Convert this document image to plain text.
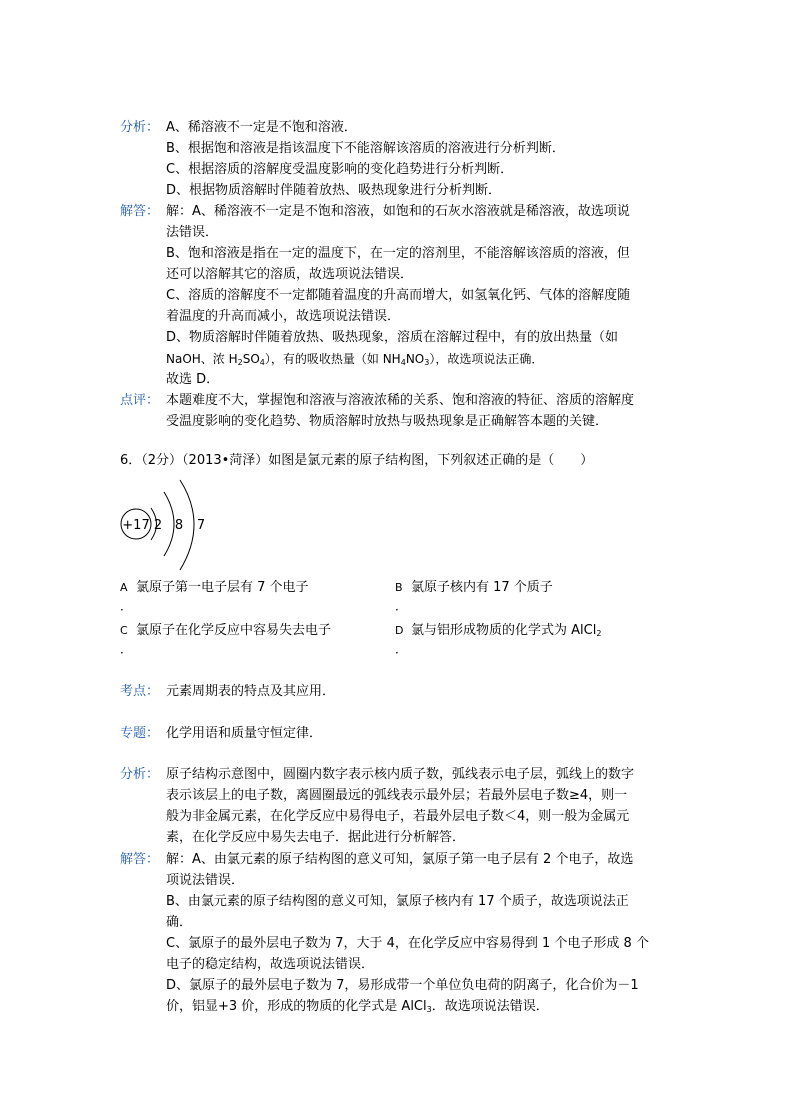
分析： A、稀溶液不一定是不饱和溶液．
B、根据饱和溶液是指该温度下不能溶解该溶质的溶液进行分析判断．
C、根据溶质的溶解度受温度影响的变化趋势进行分析判断．
D、根据物质溶解时伴随着放热、吸热现象进行分析判断．
解答： 解：A、稀溶液不一定是不饱和溶液，如饱和的石灰水溶液就是稀溶液，故选项说
法错误．
B、饱和溶液是指在一定的温度下，在一定的溶剂里，不能溶解该溶质的溶液，但
还可以溶解其它的溶质，故选项说法错误．
C、溶质的溶解度不一定都随着温度的升高而增大，如氢氧化钙、气体的溶解度随
着温度的升高而减小，故选项说法错误．
D、物质溶解时伴随着放热、吸热现象，溶质在溶解过程中，有的放出热量（如
NaOH、浓 $H_2SO_4$），有的吸收热量（如 $NH_4NO_3$），故选项说法正确．
故选 D．
点评： 本题难度不大，掌握饱和溶液与溶液浓稀的关系、饱和溶液的特征、溶质的溶解度
受温度影响的变化趋势、物质溶解时放热与吸热现象是正确解答本题的关键．
6．（2分）（2013•菏泽）如图是氯元素的原子结构图，下列叙述正确的是（　　）
+17 2 8 7
A 氯原子第一电子层有 7 个电子
．
B 氯原子核内有 17 个质子
．
C 氯原子在化学反应中容易失去电子
．
D 氯与铝形成物质的化学式为 AlCl$_2$
．
考点： 元素周期表的特点及其应用．
专题： 化学用语和质量守恒定律．
分析： 原子结构示意图中，圆圈内数字表示核内质子数，弧线表示电子层，弧线上的数字
表示该层上的电子数，离圆圈最远的弧线表示最外层；若最外层电子数≥4，则一
般为非金属元素，在化学反应中易得电子，若最外层电子数＜4，则一般为金属元
素，在化学反应中易失去电子．据此进行分析解答．
解答： 解：A、由氯元素的原子结构图的意义可知，氯原子第一电子层有 2 个电子，故选
项说法错误．
B、由氯元素的原子结构图的意义可知，氯原子核内有 17 个质子，故选项说法正
确．
C、氯原子的最外层电子数为 7，大于 4，在化学反应中容易得到 1 个电子形成 8 个
电子的稳定结构，故选项说法错误．
D、氯原子的最外层电子数为 7，易形成带一个单位负电荷的阴离子，化合价为－1
价，铝显+3 价，形成的物质的化学式是 AlCl$_3$．故选项说法错误．
